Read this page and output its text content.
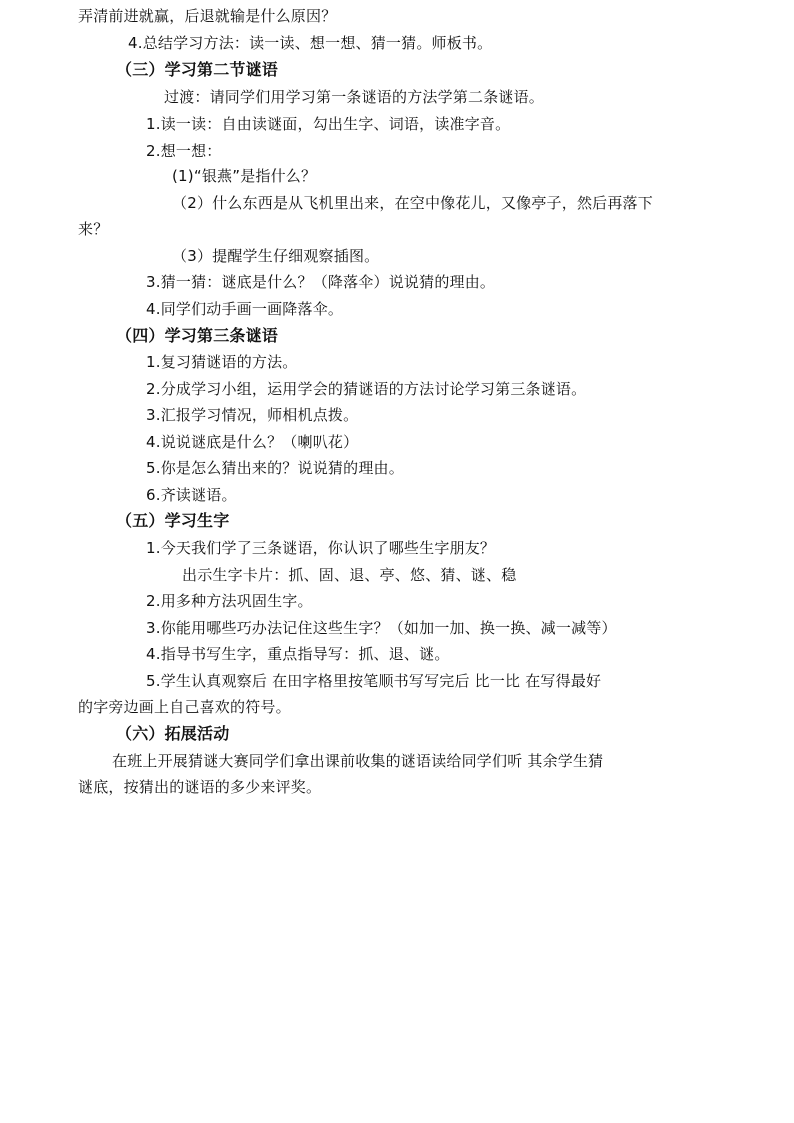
弄清前进就赢，后退就输是什么原因？

4.总结学习方法：读一读、想一想、猜一猜。师板书。

（三）学习第二节谜语

过渡：请同学们用学习第一条谜语的方法学第二条谜语。

1.读一读：自由读谜面，勾出生字、词语，读准字音。

2.想一想：

(1)“银燕”是指什么？

（2）什么东西是从飞机里出来，在空中像花儿，又像亭子，然后再落下

来？

（3）提醒学生仔细观察插图。

3.猜一猜：谜底是什么？（降落伞）说说猜的理由。

4.同学们动手画一画降落伞。

（四）学习第三条谜语

1.复习猜谜语的方法。

2.分成学习小组，运用学会的猜谜语的方法讨论学习第三条谜语。

3.汇报学习情况，师相机点拨。

4.说说谜底是什么？（喇叭花）

5.你是怎么猜出来的？说说猜的理由。

6.齐读谜语。

（五）学习生字

1.今天我们学了三条谜语，你认识了哪些生字朋友？

出示生字卡片：抓、固、退、亭、悠、猜、谜、稳

2.用多种方法巩固生字。

3.你能用哪些巧办法记住这些生字？（如加一加、换一换、减一减等）

4.指导书写生字，重点指导写：抓、退、谜。

5.学生认真观察后 在田字格里按笔顺书写写完后 比一比 在写得最好

的字旁边画上自己喜欢的符号。

（六）拓展活动

在班上开展猜谜大赛同学们拿出课前收集的谜语读给同学们听 其余学生猜

谜底，按猜出的谜语的多少来评奖。
